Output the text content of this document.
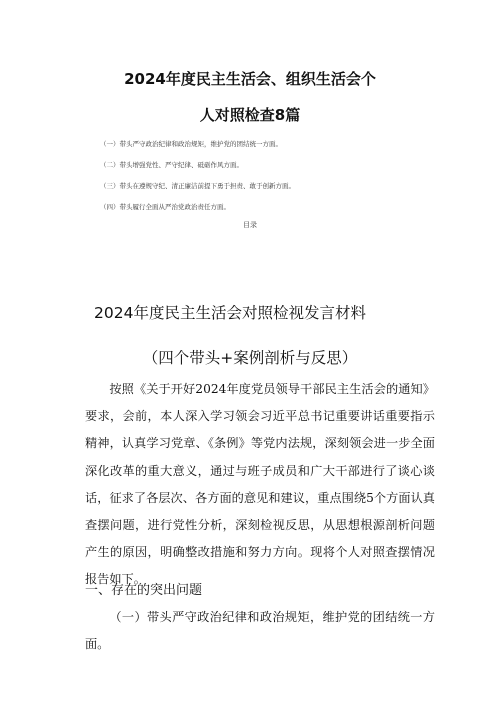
2024年度民主生活会、组织生活会个
人对照检查8篇
（一）带头严守政治纪律和政治规矩，维护党的团结统一方面。
（二）带头增强党性、严守纪律、砥砺作风方面。
（三）带头在遵规守纪、清正廉洁前提下勇于担责、敢于创新方面。
（四）带头履行全面从严治党政治责任方面。
目录
2024年度民主生活会对照检视发言材料
（四个带头+案例剖析与反思）
按照《关于开好2024年度党员领导干部民主生活会的通知》要求，会前，本人深入学习领会习近平总书记重要讲话重要指示精神，认真学习党章、《条例》等党内法规，深刻领会进一步全面深化改革的重大意义，通过与班子成员和广大干部进行了谈心谈话，征求了各层次、各方面的意见和建议，重点围绕5个方面认真查摆问题，进行党性分析，深刻检视反思，从思想根源剖析问题产生的原因，明确整改措施和努力方向。现将个人对照查摆情况报告如下。
一、存在的突出问题
（一）带头严守政治纪律和政治规矩，维护党的团结统一方面。
